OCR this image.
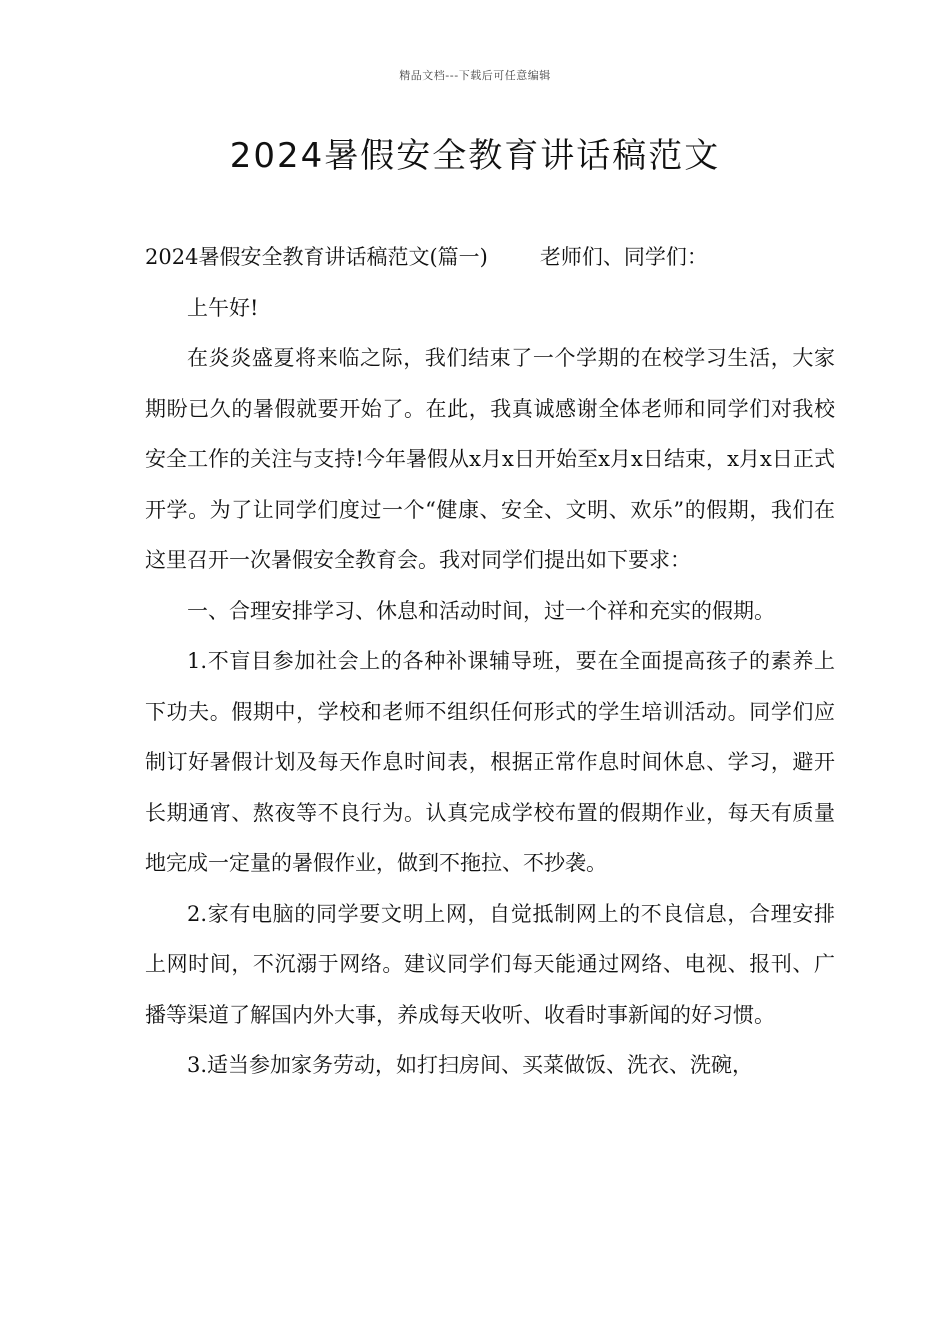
精品文档---下载后可任意编辑
2024暑假安全教育讲话稿范文

2024暑假安全教育讲话稿范文(篇一) 老师们、同学们：

上午好!

在炎炎盛夏将来临之际，我们结束了一个学期的在校学习生活，大家期盼已久的暑假就要开始了。在此，我真诚感谢全体老师和同学们对我校安全工作的关注与支持!今年暑假从x月x日开始至x月x日结束，x月x日正式开学。为了让同学们度过一个“健康、安全、文明、欢乐”的假期，我们在这里召开一次暑假安全教育会。我对同学们提出如下要求：

一、合理安排学习、休息和活动时间，过一个祥和充实的假期。

1.不盲目参加社会上的各种补课辅导班，要在全面提高孩子的素养上下功夫。假期中，学校和老师不组织任何形式的学生培训活动。同学们应制订好暑假计划及每天作息时间表，根据正常作息时间休息、学习，避开长期通宵、熬夜等不良行为。认真完成学校布置的假期作业，每天有质量地完成一定量的暑假作业，做到不拖拉、不抄袭。

2.家有电脑的同学要文明上网，自觉抵制网上的不良信息，合理安排上网时间，不沉溺于网络。建议同学们每天能通过网络、电视、报刊、广播等渠道了解国内外大事，养成每天收听、收看时事新闻的好习惯。

3.适当参加家务劳动，如打扫房间、买菜做饭、洗衣、洗碗，
